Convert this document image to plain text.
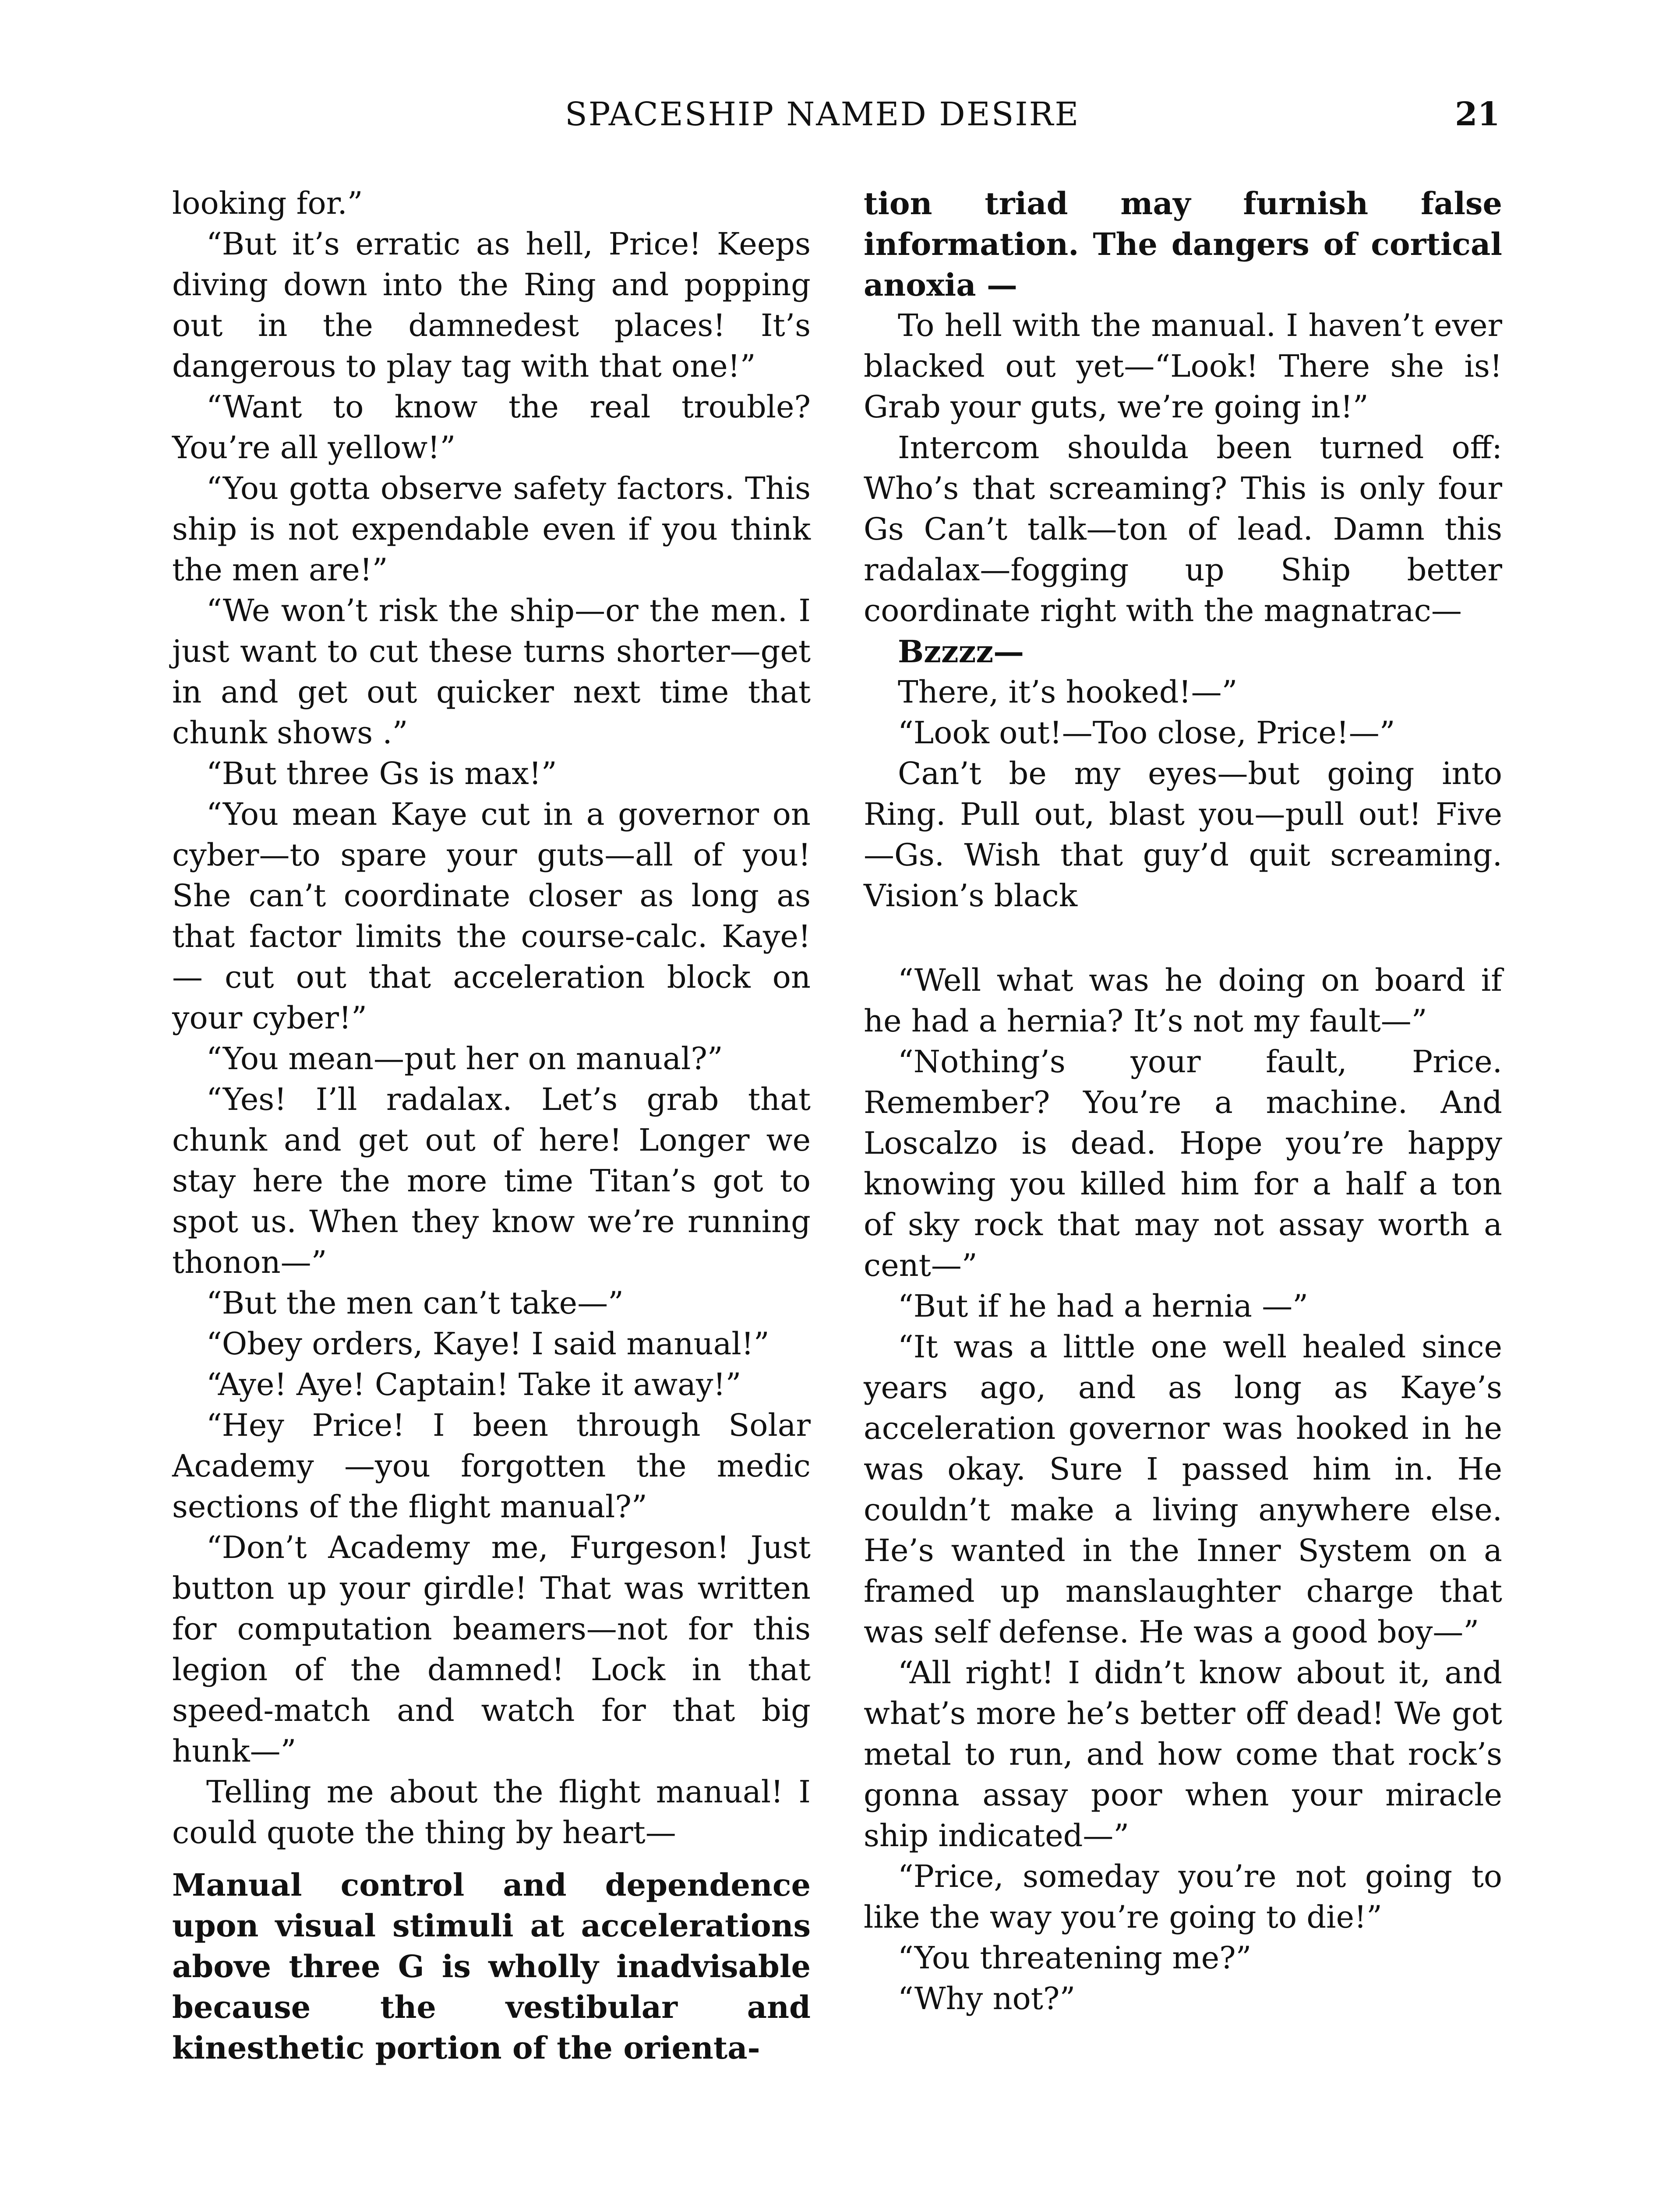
SPACESHIP NAMED DESIRE	21

looking for.”

“But it’s erratic as hell, Price! Keeps diving down into the Ring and popping out in the damnedest places! It’s dangerous to play tag with that one!”

“Want to know the real trouble? You’re all yellow!”

“You gotta observe safety factors. This ship is not expendable even if you think the men are!”

“We won’t risk the ship—or the men. I just want to cut these turns shorter—get in and get out quicker next time that chunk shows .”

“But three Gs is max!”

“You mean Kaye cut in a governor on cyber—to spare your guts—all of you! She can’t coordinate closer as long as that factor limits the course-calc. Kaye!— cut out that acceleration block on your cyber!”

“You mean—put her on manual?”

“Yes! I’ll radalax. Let’s grab that chunk and get out of here! Longer we stay here the more time Titan’s got to spot us. When they know we’re running thonon—”

“But the men can’t take—”

“Obey orders, Kaye! I said manual!”

“Aye! Aye! Captain! Take it away!”

“Hey Price! I been through Solar Academy —you forgotten the medic sections of the flight manual?”

“Don’t Academy me, Furgeson! Just button up your girdle! That was written for computation beamers—not for this legion of the damned! Lock in that speed-match and watch for that big hunk—”

Telling me about the flight manual! I could quote the thing by heart—

Manual control and dependence upon visual stimuli at accelerations above three G is wholly inadvisable because the vestibular and kinesthetic portion of the orienta-

tion triad may furnish false information. The dangers of cortical anoxia —

To hell with the manual. I haven’t ever blacked out yet—“Look! There she is! Grab your guts, we’re going in!”

Intercom shoulda been turned off: Who’s that screaming? This is only four Gs Can’t talk—ton of lead. Damn this radalax—fogging up Ship better coordinate right with the magnatrac—

Bzzzz—

There, it’s hooked!—”

“Look out!—Too close, Price!—”

Can’t be my eyes—but going into Ring. Pull out, blast you—pull out! Five—Gs. Wish that guy’d quit screaming. Vision’s black

“Well what was he doing on board if he had a hernia? It’s not my fault—”

“Nothing’s your fault, Price. Remember? You’re a machine. And Loscalzo is dead. Hope you’re happy knowing you killed him for a half a ton of sky rock that may not assay worth a cent—”

“But if he had a hernia —”

“It was a little one well healed since years ago, and as long as Kaye’s acceleration governor was hooked in he was okay. Sure I passed him in. He couldn’t make a living anywhere else. He’s wanted in the Inner System on a framed up manslaughter charge that was self defense. He was a good boy—”

“All right! I didn’t know about it, and what’s more he’s better off dead! We got metal to run, and how come that rock’s gonna assay poor when your miracle ship indicated—”

“Price, someday you’re not going to like the way you’re going to die!”

“You threatening me?”

“Why not?”
